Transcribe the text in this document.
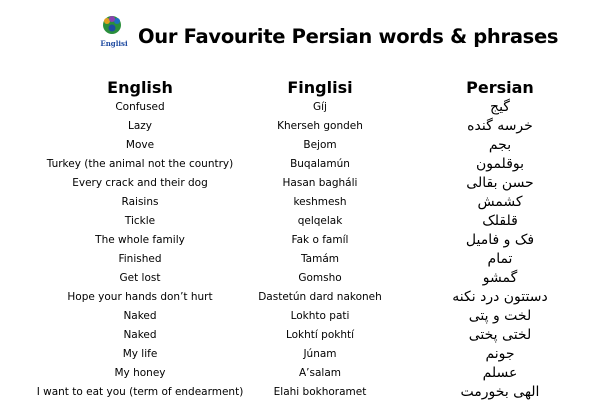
Englisi Our Favourite Persian words & phrases
English
Confused
Lazy
Move
Turkey (the animal not the country)
Every crack and their dog
Raisins
Tickle
The whole family
Finished
Get lost
Hope your hands don’t hurt
Naked
Naked
My life
My honey
I want to eat you (term of endearment)
Finglisi
Gíj
Kherseh gondeh
Bejom
Buqalamún
Hasan bagháli
keshmesh
qelqelak
Fak o famíl
Tamám
Gomsho
Dastetún dard nakoneh
Lokhto pati
Lokhtí pokhtí
Júnam
A’salam
Elahi bokhoramet
Persian
گیج
خرسه گنده
بجم
بوقلمون
حسن بقالی
کشمش
قلقلک
فک و فامیل
تمام
گمشو
دستتون درد نکنه
لخت و پتی
لختی پختی
جونم
عسلم
الهی بخورمت
